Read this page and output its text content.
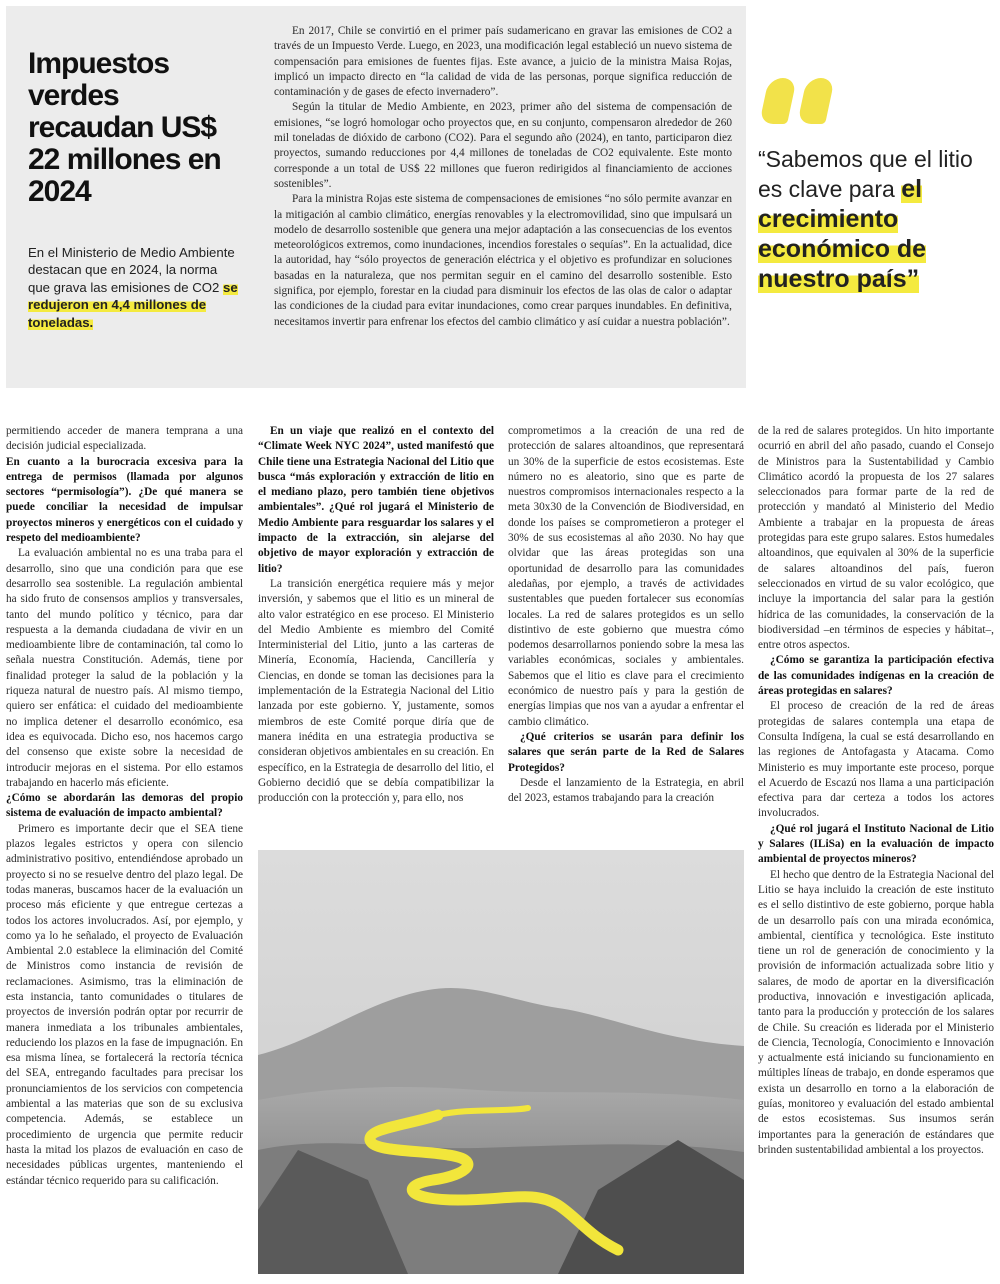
Impuestos verdes recaudan US$ 22 millones en 2024
En el Ministerio de Medio Ambiente destacan que en 2024, la norma que grava las emisiones de CO2 se redujeron en 4,4 millones de toneladas.

En 2017, Chile se convirtió en el primer país sudamericano en gravar las emisiones de CO2 a través de un Impuesto Verde. Luego, en 2023, una modificación legal estableció un nuevo sistema de compensación para emisiones de fuentes fijas. Este avance, a juicio de la ministra Maisa Rojas, implicó un impacto directo en “la calidad de vida de las personas, porque significa reducción de contaminación y de gases de efecto invernadero”.

Según la titular de Medio Ambiente, en 2023, primer año del sistema de compensación de emisiones, “se logró homologar ocho proyectos que, en su conjunto, compensaron alrededor de 260 mil toneladas de dióxido de carbono (CO2). Para el segundo año (2024), en tanto, participaron diez proyectos, sumando reducciones por 4,4 millones de toneladas de CO2 equivalente. Este monto corresponde a un total de US$ 22 millones que fueron redirigidos al financiamiento de acciones sostenibles”.

Para la ministra Rojas este sistema de compensaciones de emisiones “no sólo permite avanzar en la mitigación al cambio climático, energías renovables y la electromovilidad, sino que impulsará un modelo de desarrollo sostenible que genera una mejor adaptación a las consecuencias de los eventos meteorológicos extremos, como inundaciones, incendios forestales o sequías”. En la actualidad, dice la autoridad, hay “sólo proyectos de generación eléctrica y el objetivo es profundizar en soluciones basadas en la naturaleza, que nos permitan seguir en el camino del desarrollo sostenible. Esto significa, por ejemplo, forestar en la ciudad para disminuir los efectos de las olas de calor o adaptar las condiciones de la ciudad para evitar inundaciones, como crear parques inundables. En definitiva, necesitamos invertir para enfrenar los efectos del cambio climático y así cuidar a nuestra población”.

“Sabemos que el litio es clave para el crecimiento económico de nuestro país”

permitiendo acceder de manera temprana a una decisión judicial especializada.

En cuanto a la burocracia excesiva para la entrega de permisos (llamada por algunos sectores “permisología”). ¿De qué manera se puede conciliar la necesidad de impulsar proyectos mineros y energéticos con el cuidado y respeto del medioambiente?

La evaluación ambiental no es una traba para el desarrollo, sino que una condición para que ese desarrollo sea sostenible. La regulación ambiental ha sido fruto de consensos amplios y transversales, tanto del mundo político y técnico, para dar respuesta a la demanda ciudadana de vivir en un medioambiente libre de contaminación, tal como lo señala nuestra Constitución. Además, tiene por finalidad proteger la salud de la población y la riqueza natural de nuestro país. Al mismo tiempo, quiero ser enfática: el cuidado del medioambiente no implica detener el desarrollo económico, esa idea es equivocada. Dicho eso, nos hacemos cargo del consenso que existe sobre la necesidad de introducir mejoras en el sistema. Por ello estamos trabajando en hacerlo más eficiente.

¿Cómo se abordarán las demoras del propio sistema de evaluación de impacto ambiental?

Primero es importante decir que el SEA tiene plazos legales estrictos y opera con silencio administrativo positivo, entendiéndose aprobado un proyecto si no se resuelve dentro del plazo legal. De todas maneras, buscamos hacer de la evaluación un proceso más eficiente y que entregue certezas a todos los actores involucrados. Así, por ejemplo, y como ya lo he señalado, el proyecto de Evaluación Ambiental 2.0 establece la eliminación del Comité de Ministros como instancia de revisión de reclamaciones. Asimismo, tras la eliminación de esta instancia, tanto comunidades o titulares de proyectos de inversión podrán optar por recurrir de manera inmediata a los tribunales ambientales, reduciendo los plazos en la fase de impugnación. En esa misma línea, se fortalecerá la rectoría técnica del SEA, entregando facultades para precisar los pronunciamientos de los servicios con competencia ambiental a las materias que son de su exclusiva competencia. Además, se establece un procedimiento de urgencia que permite reducir hasta la mitad los plazos de evaluación en caso de necesidades públicas urgentes, manteniendo el estándar técnico requerido para su calificación.

En un viaje que realizó en el contexto del “Climate Week NYC 2024”, usted manifestó que Chile tiene una Estrategia Nacional del Litio que busca “más exploración y extracción de litio en el mediano plazo, pero también tiene objetivos ambientales”. ¿Qué rol jugará el Ministerio de Medio Ambiente para resguardar los salares y el impacto de la extracción, sin alejarse del objetivo de mayor exploración y extracción de litio?

La transición energética requiere más y mejor inversión, y sabemos que el litio es un mineral de alto valor estratégico en ese proceso. El Ministerio del Medio Ambiente es miembro del Comité Interministerial del Litio, junto a las carteras de Minería, Economía, Hacienda, Cancillería y Ciencias, en donde se toman las decisiones para la implementación de la Estrategia Nacional del Litio lanzada por este gobierno. Y, justamente, somos miembros de este Comité porque diría que de manera inédita en una estrategia productiva se consideran objetivos ambientales en su creación. En específico, en la Estrategia de desarrollo del litio, el Gobierno decidió que se debía compatibilizar la producción con la protección y, para ello, nos

comprometimos a la creación de una red de protección de salares altoandinos, que representará un 30% de la superficie de estos ecosistemas. Este número no es aleatorio, sino que es parte de nuestros compromisos internacionales respecto a la meta 30x30 de la Convención de Biodiversidad, en donde los países se comprometieron a proteger el 30% de sus ecosistemas al año 2030. No hay que olvidar que las áreas protegidas son una oportunidad de desarrollo para las comunidades aledañas, por ejemplo, a través de actividades sustentables que pueden fortalecer sus economías locales. La red de salares protegidos es un sello distintivo de este gobierno que muestra cómo podemos desarrollarnos poniendo sobre la mesa las variables económicas, sociales y ambientales. Sabemos que el litio es clave para el crecimiento económico de nuestro país y para la gestión de energías limpias que nos van a ayudar a enfrentar el cambio climático.

¿Qué criterios se usarán para definir los salares que serán parte de la Red de Salares Protegidos?

Desde el lanzamiento de la Estrategia, en abril del 2023, estamos trabajando para la creación

de la red de salares protegidos. Un hito importante ocurrió en abril del año pasado, cuando el Consejo de Ministros para la Sustentabilidad y Cambio Climático acordó la propuesta de los 27 salares seleccionados para formar parte de la red de protección y mandató al Ministerio del Medio Ambiente a trabajar en la propuesta de áreas protegidas para este grupo salares. Estos humedales altoandinos, que equivalen al 30% de la superficie de salares altoandinos del país, fueron seleccionados en virtud de su valor ecológico, que incluye la importancia del salar para la gestión hídrica de las comunidades, la conservación de la biodiversidad –en términos de especies y hábitat–, entre otros aspectos.

¿Cómo se garantiza la participación efectiva de las comunidades indígenas en la creación de áreas protegidas en salares?

El proceso de creación de la red de áreas protegidas de salares contempla una etapa de Consulta Indígena, la cual se está desarrollando en las regiones de Antofagasta y Atacama. Como Ministerio es muy importante este proceso, porque el Acuerdo de Escazú nos llama a una participación efectiva para dar certeza a todos los actores involucrados.

¿Qué rol jugará el Instituto Nacional de Litio y Salares (ILiSa) en la evaluación de impacto ambiental de proyectos mineros?

El hecho que dentro de la Estrategia Nacional del Litio se haya incluido la creación de este instituto es el sello distintivo de este gobierno, porque habla de un desarrollo país con una mirada económica, ambiental, científica y tecnológica. Este instituto tiene un rol de generación de conocimiento y la provisión de información actualizada sobre litio y salares, de modo de aportar en la diversificación productiva, innovación e investigación aplicada, tanto para la producción y protección de los salares de Chile. Su creación es liderada por el Ministerio de Ciencia, Tecnología, Conocimiento e Innovación y actualmente está iniciando su funcionamiento en múltiples líneas de trabajo, en donde esperamos que exista un desarrollo en torno a la elaboración de guías, monitoreo y evaluación del estado ambiental de estos ecosistemas. Sus insumos serán importantes para la generación de estándares que brinden sustentabilidad ambiental a los proyectos.
